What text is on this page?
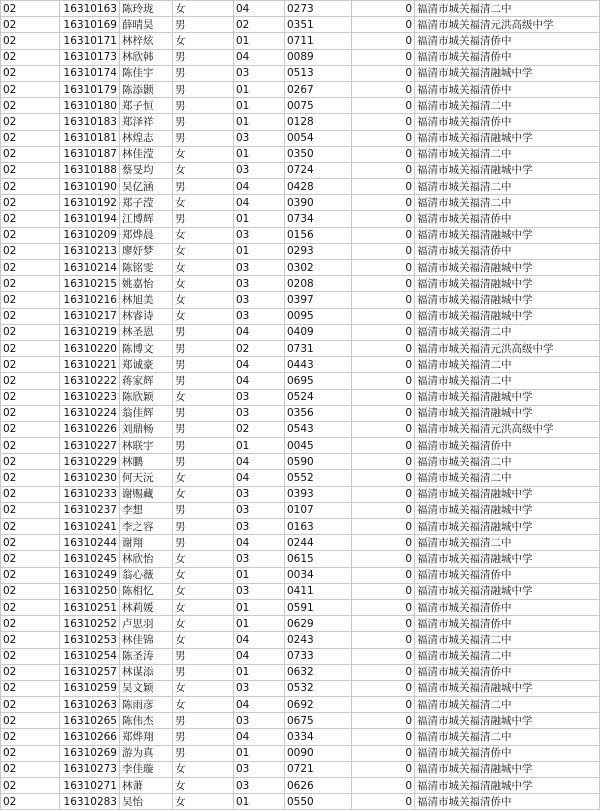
02	16310163	陈玲珑	女	04	0273	0	福清市城关福清二中	
02	16310169	薛晴昊	男	02	0351	0	福清市城关福清元洪高级中学	
02	16310171	林梓炫	女	01	0711	0	福清市城关福清侨中	
02	16310173	林欣韩	男	04	0089	0	福清市城关福清侨中	
02	16310174	陈佳宇	男	03	0513	0	福清市城关福清融城中学	
02	16310179	陈添颢	男	01	0267	0	福清市城关福清侨中	
02	16310180	郑子恒	男	01	0075	0	福清市城关福清二中	
02	16310183	郑泽祥	男	01	0128	0	福清市城关福清侨中	
02	16310181	林煌志	男	03	0054	0	福清市城关福清融城中学	
02	16310187	林佳滢	女	01	0350	0	福清市城关福清二中	
02	16310188	蔡旻均	女	03	0724	0	福清市城关福清融城中学	
02	16310190	吴亿涵	男	04	0428	0	福清市城关福清二中	
02	16310192	郑子滢	女	04	0390	0	福清市城关福清二中	
02	16310194	江博辉	男	01	0734	0	福清市城关福清侨中	
02	16310209	郑烨晨	女	03	0156	0	福清市城关福清融城中学	
02	16310213	廖妤梦	女	01	0293	0	福清市城关福清侨中	
02	16310214	陈铭雯	女	03	0302	0	福清市城关福清融城中学	
02	16310215	姚嘉怡	女	03	0208	0	福清市城关福清融城中学	
02	16310216	林旭美	女	03	0397	0	福清市城关福清融城中学	
02	16310217	林睿诗	女	03	0095	0	福清市城关福清融城中学	
02	16310219	林圣恩	男	04	0409	0	福清市城关福清二中	
02	16310220	陈博文	男	02	0731	0	福清市城关福清元洪高级中学	
02	16310221	郑诚豪	男	04	0443	0	福清市城关福清二中	
02	16310222	蒋家辉	男	04	0695	0	福清市城关福清二中	
02	16310223	陈欣颖	女	03	0524	0	福清市城关福清融城中学	
02	16310224	翁佳辉	男	03	0356	0	福清市城关福清融城中学	
02	16310226	刘鼎畅	男	02	0543	0	福清市城关福清元洪高级中学	
02	16310227	林联宇	男	01	0045	0	福清市城关福清侨中	
02	16310229	林鹏	男	04	0590	0	福清市城关福清二中	
02	16310230	何天沅	女	04	0552	0	福清市城关福清二中	
02	16310233	谢赐藏	女	03	0393	0	福清市城关福清融城中学	
02	16310237	李想	男	03	0107	0	福清市城关福清融城中学	
02	16310241	李之容	男	03	0163	0	福清市城关福清融城中学	
02	16310244	谢翔	男	04	0244	0	福清市城关福清二中	
02	16310245	林欣怡	女	03	0615	0	福清市城关福清融城中学	
02	16310249	翁心薇	女	01	0034	0	福清市城关福清侨中	
02	16310250	陈相忆	女	03	0411	0	福清市城关福清融城中学	
02	16310251	林莉媛	女	01	0591	0	福清市城关福清侨中	
02	16310252	卢思羽	女	01	0629	0	福清市城关福清侨中	
02	16310253	林佳锦	女	04	0243	0	福清市城关福清二中	
02	16310254	陈圣涛	男	04	0733	0	福清市城关福清二中	
02	16310257	林谋添	男	01	0632	0	福清市城关福清侨中	
02	16310259	吴文颖	女	03	0532	0	福清市城关福清融城中学	
02	16310263	陈雨彦	女	04	0692	0	福清市城关福清二中	
02	16310265	陈伟杰	男	03	0675	0	福清市城关福清融城中学	
02	16310266	郑烨翔	男	04	0334	0	福清市城关福清二中	
02	16310269	游为真	男	01	0090	0	福清市城关福清侨中	
02	16310273	李佳璇	女	03	0721	0	福清市城关福清融城中学	
02	16310271	林萧	女	03	0626	0	福清市城关福清融城中学	
02	16310283	吴怡	女	01	0550	0	福清市城关福清侨中	
